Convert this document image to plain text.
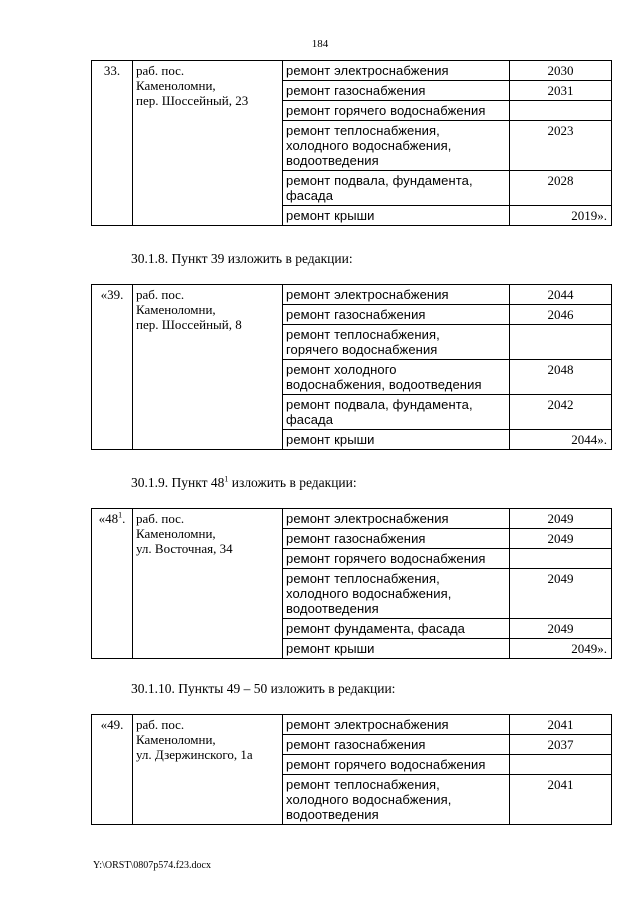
184
33.	раб. пос.
Каменоломни,
пер. Шоссейный, 23	ремонт электроснабжения	2030

		ремонт газоснабжения	2031

		ремонт горячего водоснабжения	

		ремонт теплоснабжения,
холодного водоснабжения,
водоотведения	2023

		ремонт подвала, фундамента,
фасада	2028

		ремонт крыши	2019».
30.1.8. Пункт 39 изложить в редакции:
«39.	раб. пос.
Каменоломни,
пер. Шоссейный, 8	ремонт электроснабжения	2044

		ремонт газоснабжения	2046

		ремонт теплоснабжения,
горячего водоснабжения	

		ремонт холодного
водоснабжения, водоотведения	2048

		ремонт подвала, фундамента,
фасада	2042

		ремонт крыши	2044».
30.1.9. Пункт $48^1$ изложить в редакции:
«$48^1$.	раб. пос.
Каменоломни,
ул. Восточная, 34	ремонт электроснабжения	2049

		ремонт газоснабжения	2049

		ремонт горячего водоснабжения	

		ремонт теплоснабжения,
холодного водоснабжения,
водоотведения	2049

		ремонт фундамента, фасада	2049

		ремонт крыши	2049».
30.1.10. Пункты 49 – 50 изложить в редакции:
«49.	раб. пос.
Каменоломни,
ул. Дзержинского, 1а	ремонт электроснабжения	2041

		ремонт газоснабжения	2037

		ремонт горячего водоснабжения	

		ремонт теплоснабжения,
холодного водоснабжения,
водоотведения	2041
Y:\ORST\0807p574.f23.docx
